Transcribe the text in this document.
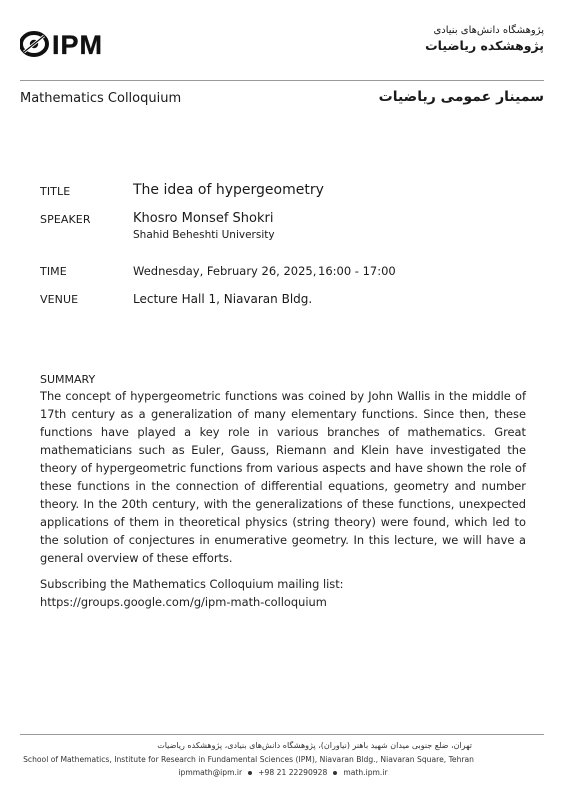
IPM	پژوهشگاه دانش‌های بنیادی
پژوهشکده ریاضیات
Mathematics Colloquium	سمینار عمومی ریاضیات
TITLE	The idea of hypergeometry
SPEAKER	Khosro Monsef Shokri
Shahid Beheshti University
TIME	Wednesday, February 26, 2025, 16:00 - 17:00
VENUE	Lecture Hall 1, Niavaran Bldg.
SUMMARY
The concept of hypergeometric functions was coined by John Wallis in the middle of 17th century as a generalization of many elementary functions. Since then, these functions have played a key role in various branches of mathematics. Great mathematicians such as Euler, Gauss, Riemann and Klein have investigated the theory of hypergeometric functions from various aspects and have shown the role of these functions in the connection of differential equations, geometry and number theory. In the 20th century, with the generalizations of these functions, unexpected applications of them in theoretical physics (string theory) were found, which led to the solution of conjectures in enumerative geometry. In this lecture, we will have a general overview of these efforts.
Subscribing the Mathematics Colloquium mailing list:
https://groups.google.com/g/ipm-math-colloquium
تهران، ضلع جنوبی میدان شهید باهنر (نیاوران)، پژوهشگاه دانش‌های بنیادی، پژوهشکده ریاضیات
School of Mathematics, Institute for Research in Fundamental Sciences (IPM), Niavaran Bldg., Niavaran Square, Tehran
ipmmath@ipm.ir +98 21 22290928 math.ipm.ir
